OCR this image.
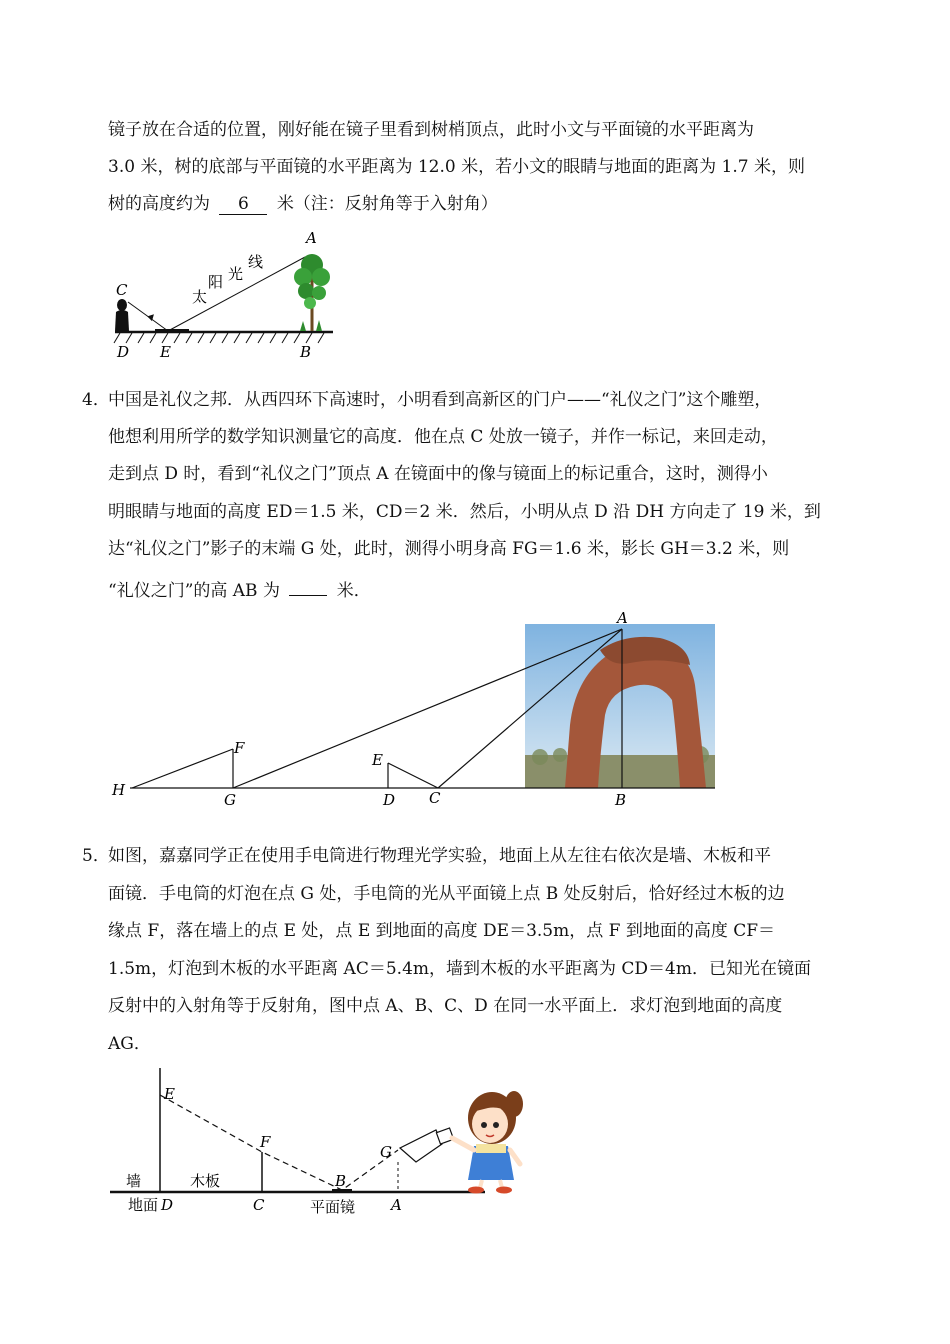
镜子放在合适的位置，刚好能在镜子里看到树梢顶点，此时小文与平面镜的水平距离为
3.0 米，树的底部与平面镜的水平距离为 12.0 米，若小文的眼睛与地面的距离为 1.7 米，则
树的高度约为 6 米（注：反射角等于入射角）
A
B
C
D E
太
阳 光
线
4．
中国是礼仪之邦．从西四环下高速时，小明看到高新区的门户——“礼仪之门”这个雕塑，
他想利用所学的数学知识测量它的高度．他在点 C 处放一镜子，并作一标记，来回走动，
走到点 D 时，看到“礼仪之门”顶点 A 在镜面中的像与镜面上的标记重合，这时，测得小
明眼睛与地面的高度 ED＝1.5 米，CD＝2 米．然后，小明从点 D 沿 DH 方向走了 19 米，到
达“礼仪之门”影子的末端 G 处，此时，测得小明身高 FG＝1.6 米，影长 GH＝3.2 米，则
“礼仪之门”的高 AB 为	米．
H
G
F
E
D C
A
B
5．
如图，嘉嘉同学正在使用手电筒进行物理光学实验，地面上从左往右依次是墙、木板和平
面镜．手电筒的灯泡在点 G 处，手电筒的光从平面镜上点 B 处反射后，恰好经过木板的边
缘点 F，落在墙上的点 E 处，点 E 到地面的高度 DE＝3.5m，点 F 到地面的高度 CF＝
1.5m，灯泡到木板的水平距离 AC＝5.4m，墙到木板的水平距离为 CD＝4m．已知光在镜面
反射中的入射角等于反射角，图中点 A、B、C、D 在同一水平面上．求灯泡到地面的高度
AG．
E
F
G
B
A
C
D
墙	木板
地面	平面镜
